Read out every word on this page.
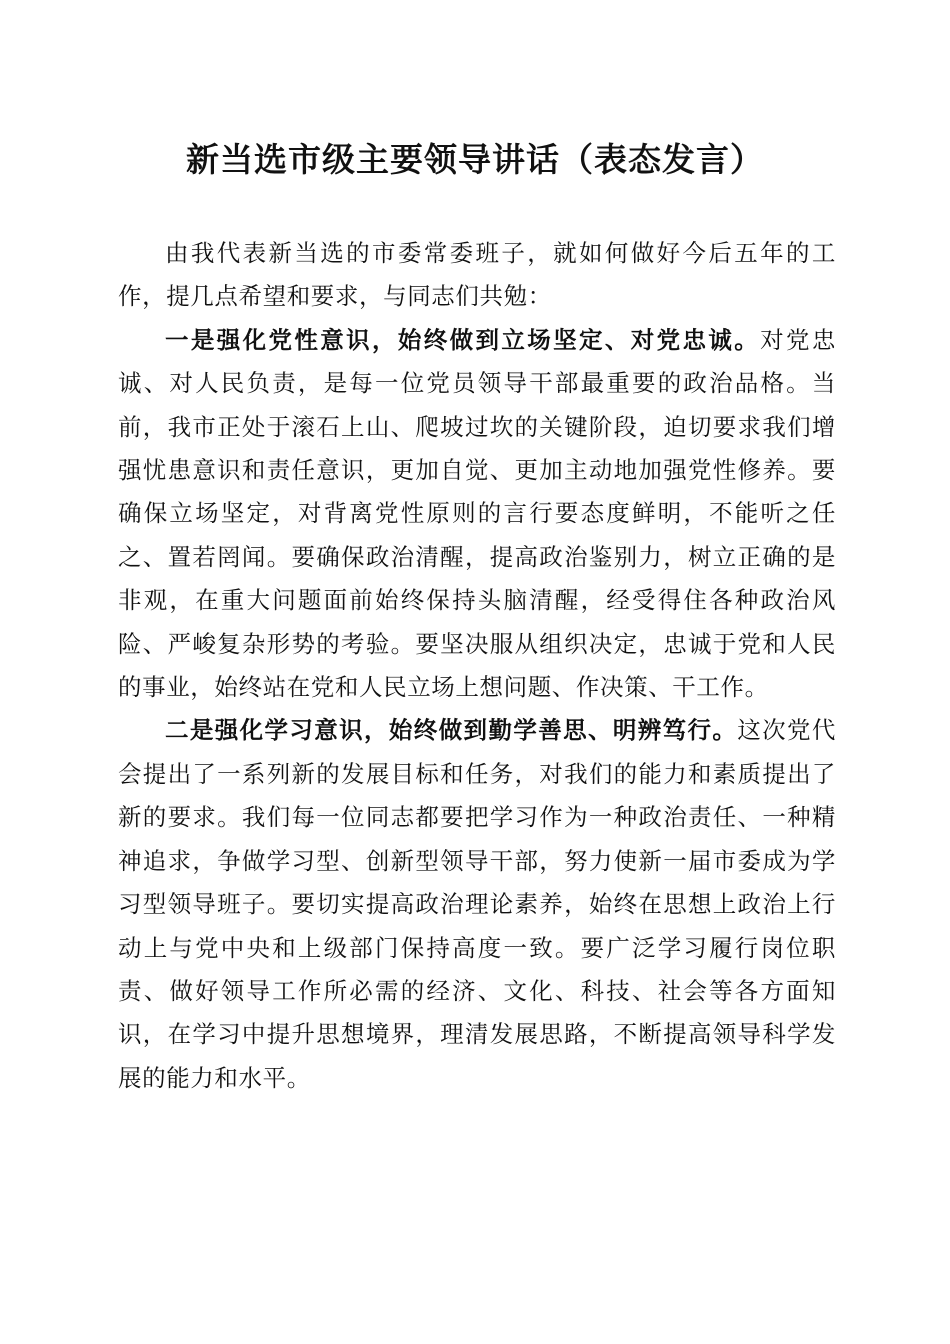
新当选市级主要领导讲话（表态发言）

由我代表新当选的市委常委班子，就如何做好今后五年的工作，提几点希望和要求，与同志们共勉：

一是强化党性意识，始终做到立场坚定、对党忠诚。对党忠诚、对人民负责，是每一位党员领导干部最重要的政治品格。当前，我市正处于滚石上山、爬坡过坎的关键阶段，迫切要求我们增强忧患意识和责任意识，更加自觉、更加主动地加强党性修养。要确保立场坚定，对背离党性原则的言行要态度鲜明，不能听之任之、置若罔闻。要确保政治清醒，提高政治鉴别力，树立正确的是非观，在重大问题面前始终保持头脑清醒，经受得住各种政治风险、严峻复杂形势的考验。要坚决服从组织决定，忠诚于党和人民的事业，始终站在党和人民立场上想问题、作决策、干工作。

二是强化学习意识，始终做到勤学善思、明辨笃行。这次党代会提出了一系列新的发展目标和任务，对我们的能力和素质提出了新的要求。我们每一位同志都要把学习作为一种政治责任、一种精神追求，争做学习型、创新型领导干部，努力使新一届市委成为学习型领导班子。要切实提高政治理论素养，始终在思想上政治上行动上与党中央和上级部门保持高度一致。要广泛学习履行岗位职责、做好领导工作所必需的经济、文化、科技、社会等各方面知识，在学习中提升思想境界，理清发展思路，不断提高领导科学发展的能力和水平。
